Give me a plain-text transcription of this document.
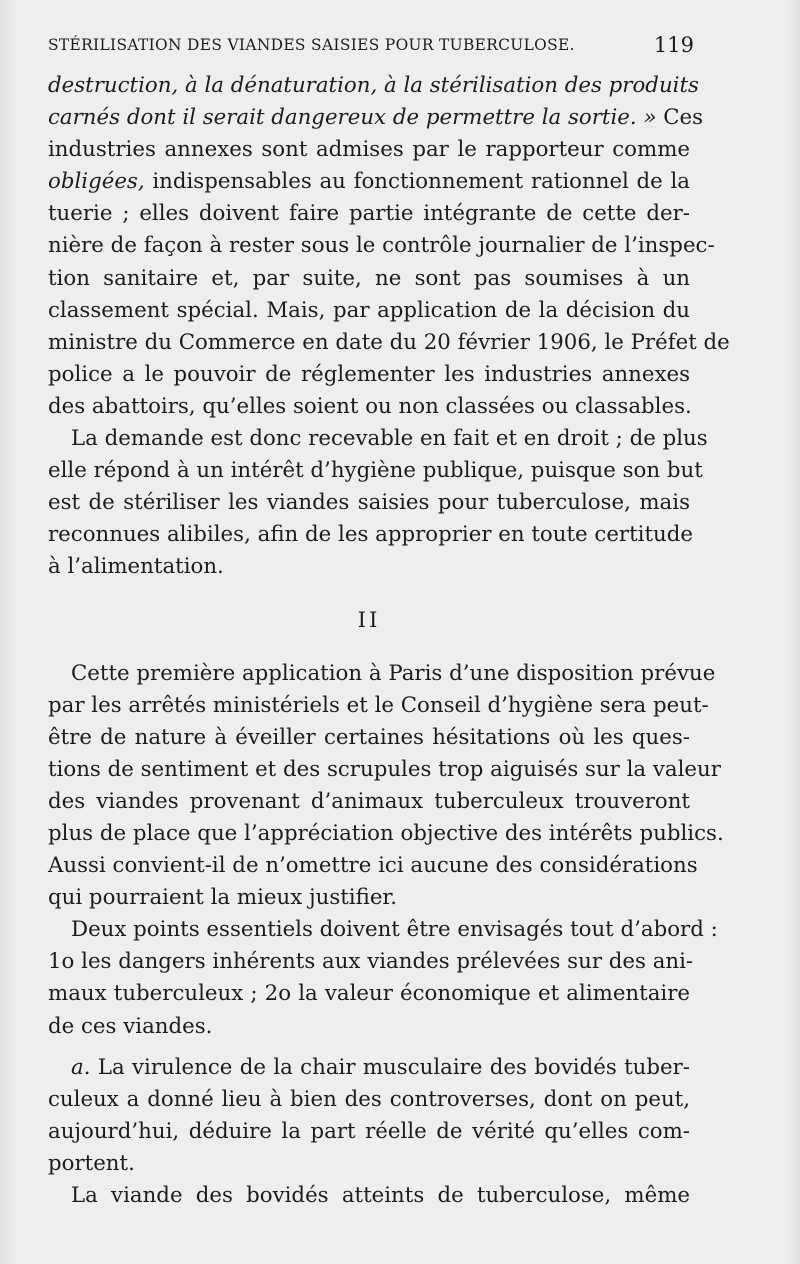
STÉRILISATION DES VIANDES SAISIES POUR TUBERCULOSE.	119
destruction, à la dénaturation, à la stérilisation des produits
carnés dont il serait dangereux de permettre la sortie. » Ces
industries annexes sont admises par le rapporteur comme
obligées, indispensables au fonctionnement rationnel de la
tuerie ; elles doivent faire partie intégrante de cette der-
nière de façon à rester sous le contrôle journalier de l’inspec-
tion sanitaire et, par suite, ne sont pas soumises à un
classement spécial. Mais, par application de la décision du
ministre du Commerce en date du 20 février 1906, le Préfet de
police a le pouvoir de réglementer les industries annexes
des abattoirs, qu’elles soient ou non classées ou classables.
La demande est donc recevable en fait et en droit ; de plus
elle répond à un intérêt d’hygiène publique, puisque son but
est de stériliser les viandes saisies pour tuberculose, mais
reconnues alibiles, afin de les approprier en toute certitude
à l’alimentation.
II
Cette première application à Paris d’une disposition prévue
par les arrêtés ministériels et le Conseil d’hygiène sera peut-
être de nature à éveiller certaines hésitations où les ques-
tions de sentiment et des scrupules trop aiguisés sur la valeur
des viandes provenant d’animaux tuberculeux trouveront
plus de place que l’appréciation objective des intérêts publics.
Aussi convient-il de n’omettre ici aucune des considérations
qui pourraient la mieux justifier.
Deux points essentiels doivent être envisagés tout d’abord :
1o les dangers inhérents aux viandes prélevées sur des ani-
maux tuberculeux ; 2o la valeur économique et alimentaire
de ces viandes.
a. La virulence de la chair musculaire des bovidés tuber-
culeux a donné lieu à bien des controverses, dont on peut,
aujourd’hui, déduire la part réelle de vérité qu’elles com-
portent.
La viande des bovidés atteints de tuberculose, même
